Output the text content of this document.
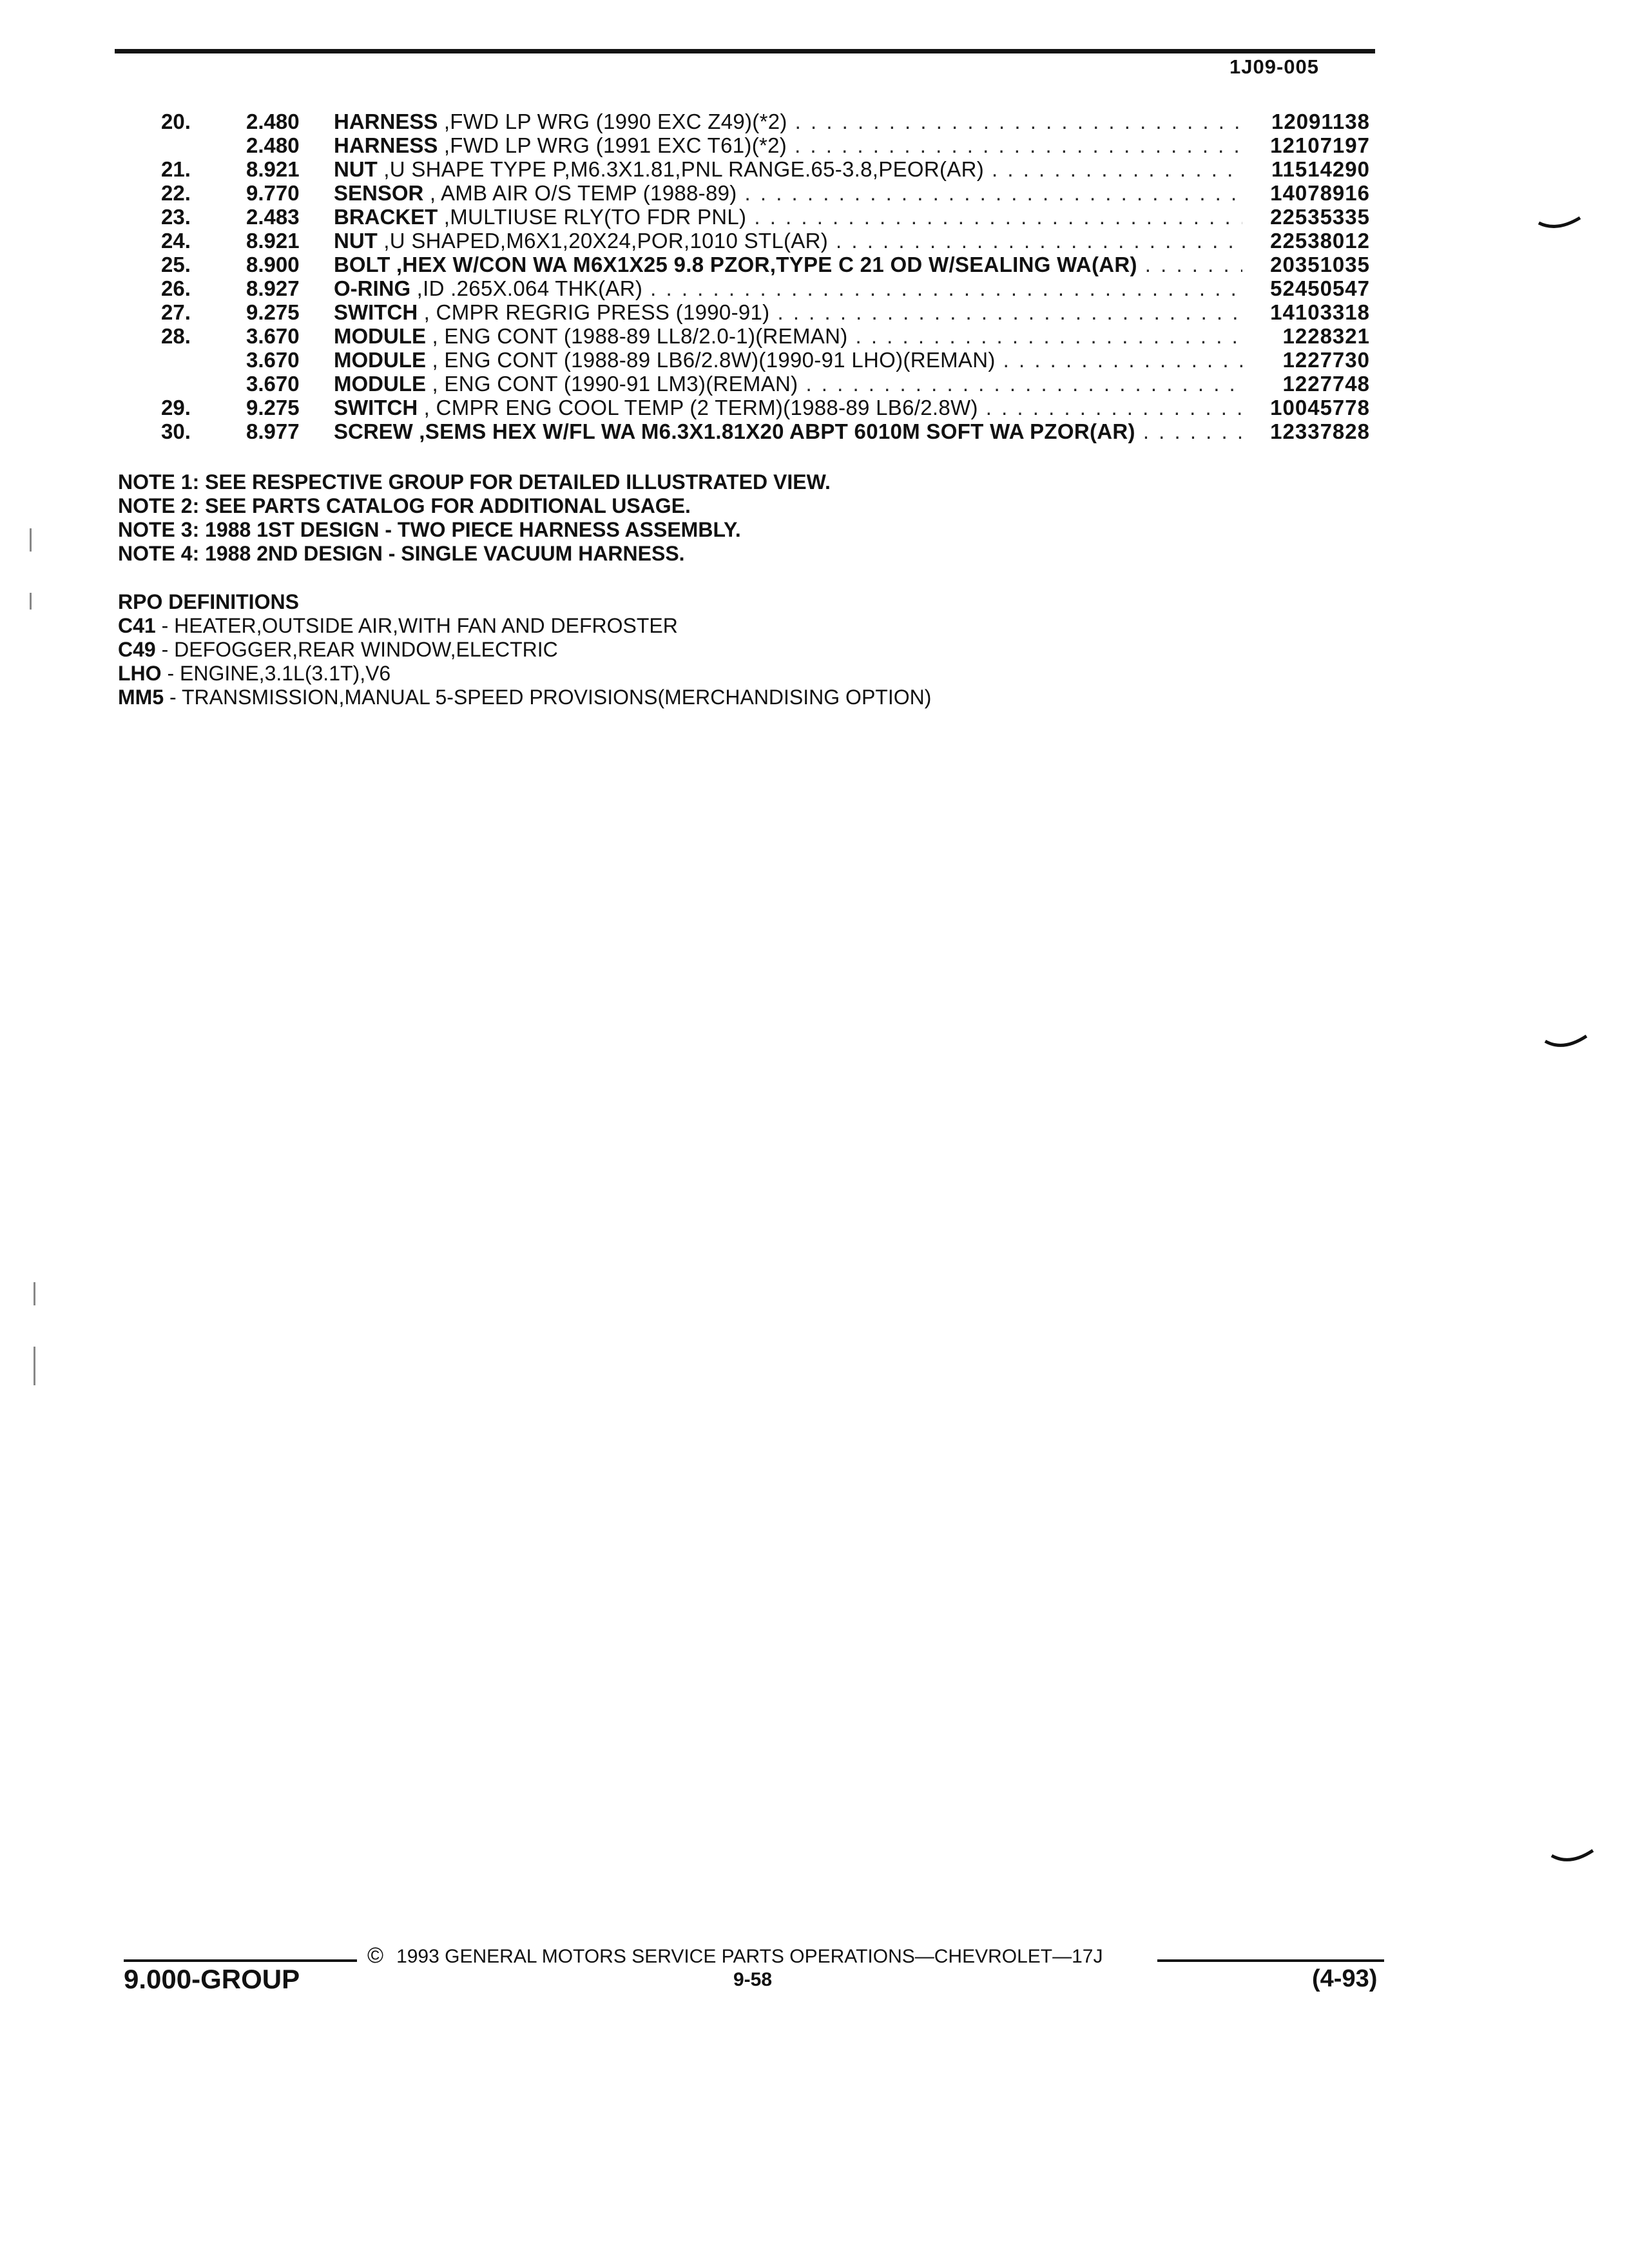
1J09-005
20.	2.480 HARNESS ,FWD LP WRG (1990 EXC Z49)(*2) . . .	12091138
2.480 HARNESS ,FWD LP WRG (1991 EXC T61)(*2) . . .	12107197
21.	8.921 NUT ,U SHAPE TYPE P,M6.3X1.81,PNL RANGE.65-3.8,PEOR(AR) . . .	11514290
22.	9.770 SENSOR , AMB AIR O/S TEMP (1988-89) . . .	14078916
23.	2.483 BRACKET ,MULTIUSE RLY(TO FDR PNL) . . .	22535335
24.	8.921 NUT ,U SHAPED,M6X1,20X24,POR,1010 STL(AR) . . .	22538012
25.	8.900 BOLT ,HEX W/CON WA M6X1X25 9.8 PZOR,TYPE C 21 OD W/SEALING WA(AR) . . .	20351035
26.	8.927 O-RING ,ID .265X.064 THK(AR) . . .	52450547
27.	9.275 SWITCH , CMPR REGRIG PRESS (1990-91) . . .	14103318
28.	3.670 MODULE , ENG CONT (1988-89 LL8/2.0-1)(REMAN) . . .	1228321
3.670 MODULE , ENG CONT (1988-89 LB6/2.8W)(1990-91 LHO)(REMAN) . . .	1227730
3.670 MODULE , ENG CONT (1990-91 LM3)(REMAN) . . .	1227748
29.	9.275 SWITCH , CMPR ENG COOL TEMP (2 TERM)(1988-89 LB6/2.8W) . . .	10045778
30.	8.977 SCREW ,SEMS HEX W/FL WA M6.3X1.81X20 ABPT 6010M SOFT WA PZOR(AR) . . .	12337828
NOTE 1: SEE RESPECTIVE GROUP FOR DETAILED ILLUSTRATED VIEW.
NOTE 2: SEE PARTS CATALOG FOR ADDITIONAL USAGE.
NOTE 3: 1988 1ST DESIGN - TWO PIECE HARNESS ASSEMBLY.
NOTE 4: 1988 2ND DESIGN - SINGLE VACUUM HARNESS.
RPO DEFINITIONS
C41 - HEATER,OUTSIDE AIR,WITH FAN AND DEFROSTER
C49 - DEFOGGER,REAR WINDOW,ELECTRIC
LHO - ENGINE,3.1L(3.1T),V6
MM5 - TRANSMISSION,MANUAL 5-SPEED PROVISIONS(MERCHANDISING OPTION)
© 1993 GENERAL MOTORS SERVICE PARTS OPERATIONS—CHEVROLET—17J
9.000-GROUP	9-58	(4-93)
